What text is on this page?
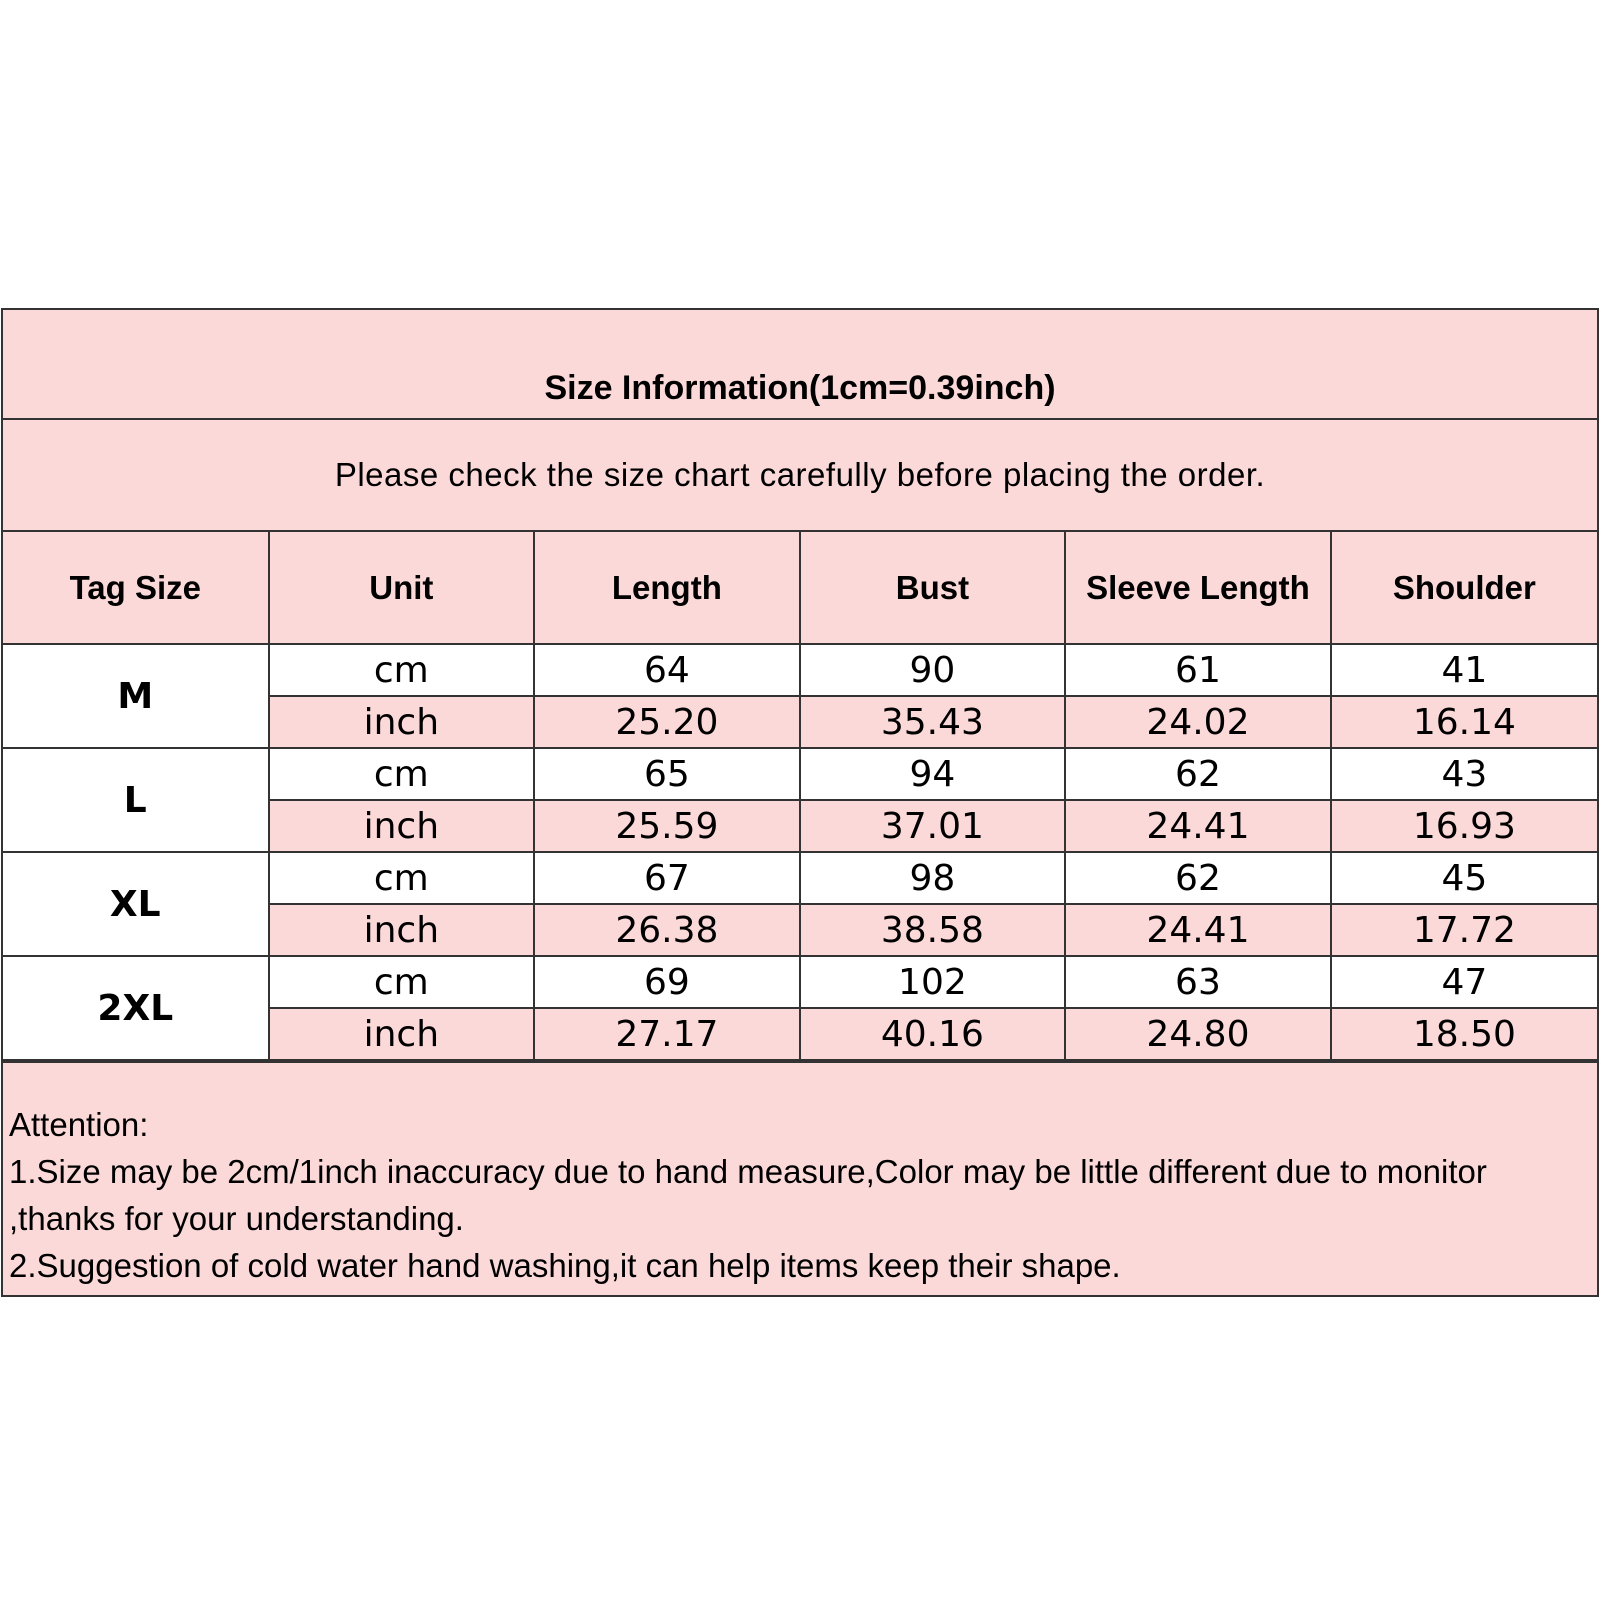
Size Information(1cm=0.39inch)
Please check the size chart carefully before placing the order.
Tag Size	Unit	Length	Bust	Sleeve Length	Shoulder
M	cm	64	90	61	41
	inch	25.20	35.43	24.02	16.14
L	cm	65	94	62	43
	inch	25.59	37.01	24.41	16.93
XL	cm	67	98	62	45
	inch	26.38	38.58	24.41	17.72
2XL	cm	69	102	63	47
	inch	27.17	40.16	24.80	18.50
Attention:
1.Size may be 2cm/1inch inaccuracy due to hand measure,Color may be little different due to monitor ,thanks for your understanding.
2.Suggestion of cold water hand washing,it can help items keep their shape.
